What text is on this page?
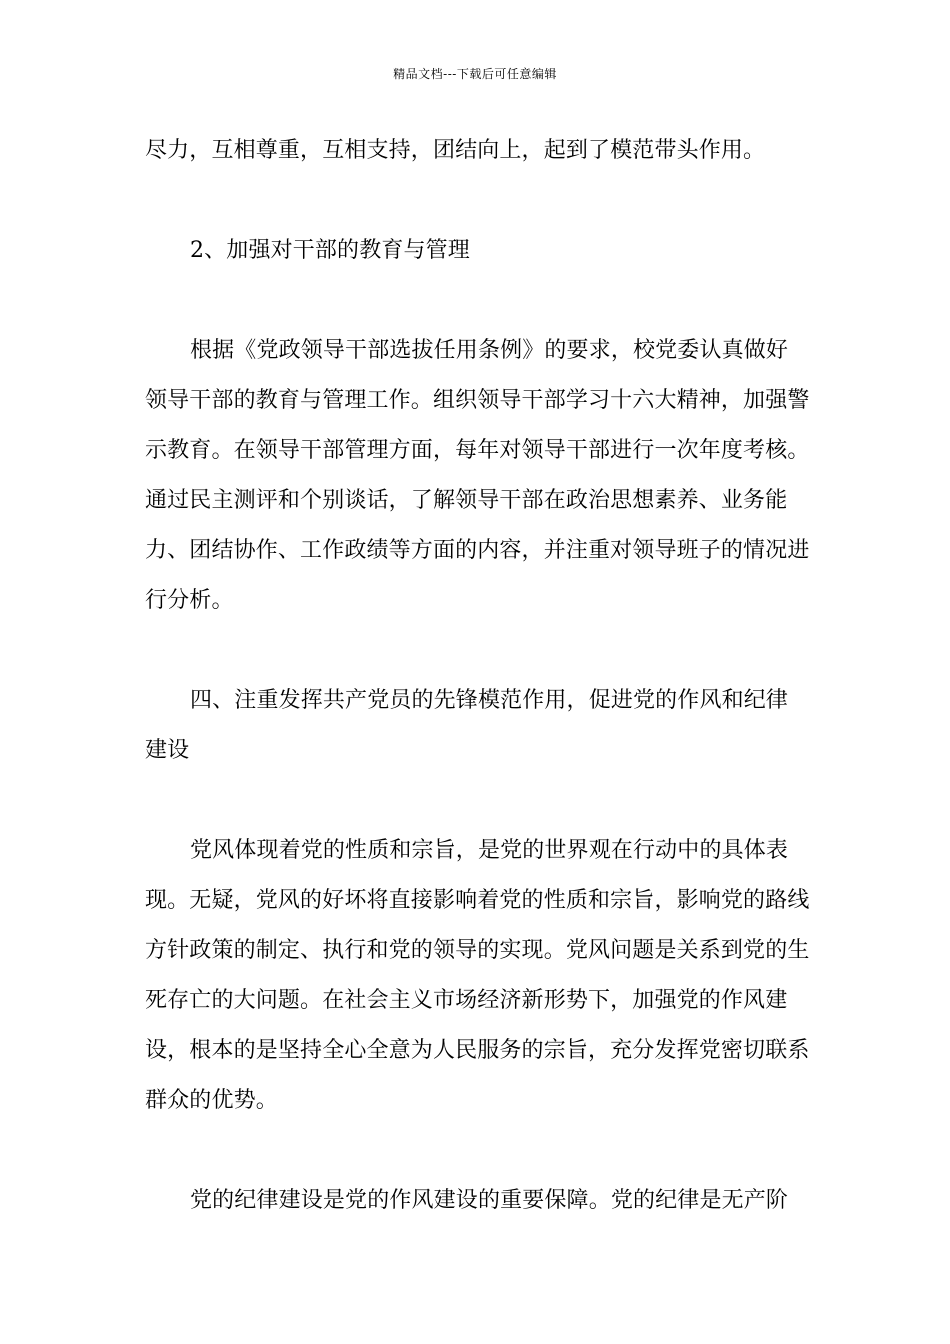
精品文档---下载后可任意编辑

尽力，互相尊重，互相支持，团结向上，起到了模范带头作用。

2、加强对干部的教育与管理

根据《党政领导干部选拔任用条例》的要求，校党委认真做好领导干部的教育与管理工作。组织领导干部学习十六大精神，加强警示教育。在领导干部管理方面，每年对领导干部进行一次年度考核。通过民主测评和个别谈话，了解领导干部在政治思想素养、业务能力、团结协作、工作政绩等方面的内容，并注重对领导班子的情况进行分析。

四、注重发挥共产党员的先锋模范作用，促进党的作风和纪律建设

党风体现着党的性质和宗旨，是党的世界观在行动中的具体表现。无疑，党风的好坏将直接影响着党的性质和宗旨，影响党的路线方针政策的制定、执行和党的领导的实现。党风问题是关系到党的生死存亡的大问题。在社会主义市场经济新形势下，加强党的作风建设，根本的是坚持全心全意为人民服务的宗旨，充分发挥党密切联系群众的优势。

党的纪律建设是党的作风建设的重要保障。党的纪律是无产阶
